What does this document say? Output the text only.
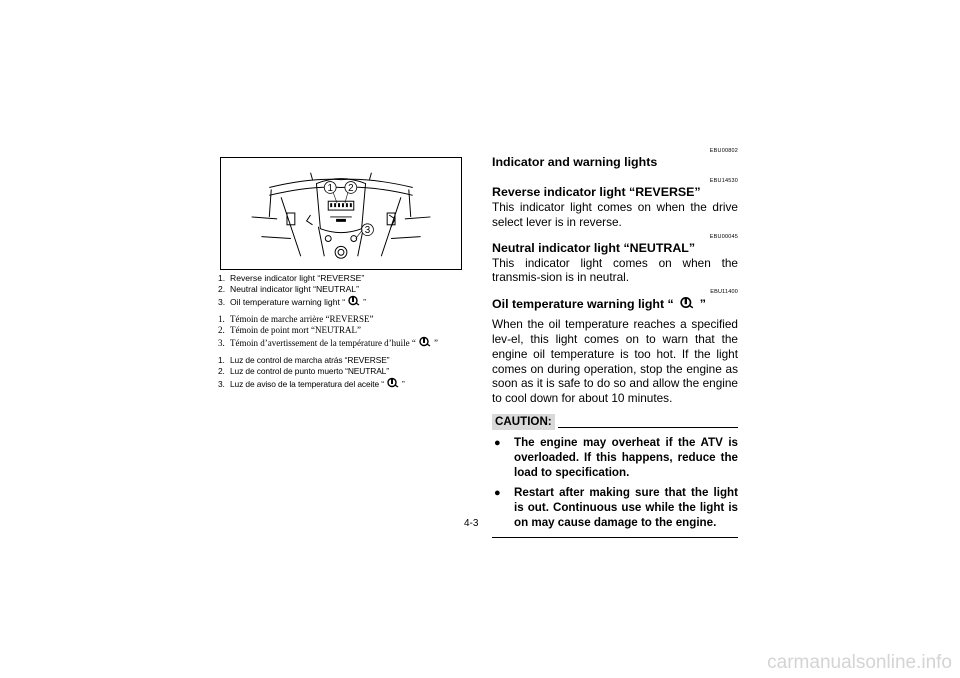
1 2
3
1. Reverse indicator light “REVERSE”
2. Neutral indicator light “NEUTRAL”
3. Oil temperature warning light “ ”
1. Témoin de marche arrière “REVERSE”
2. Témoin de point mort “NEUTRAL”
3. Témoin d’avertissement de la température d’huile “ ”
1. Luz de control de marcha atrás “REVERSE”
2. Luz de control de punto muerto “NEUTRAL”
3. Luz de aviso de la temperatura del aceite “ ”
EBU00802
Indicator and warning lights
EBU14530
Reverse indicator light “REVERSE”

This indicator light comes on when the drive select lever is in reverse.

EBU00045
Neutral indicator light “NEUTRAL”

This indicator light comes on when the transmis-sion is in neutral.

EBU11400
Oil temperature warning light “ ”

When the oil temperature reaches a specified lev-el, this light comes on to warn that the engine oil temperature is too hot. If the light comes on during operation, stop the engine as soon as it is safe to do so and allow the engine to cool down for about 10 minutes.

CAUTION:
●	The engine may overheat if the ATV is overloaded. If this happens, reduce the load to specification.
●	Restart after making sure that the light is out. Continuous use while the light is on may cause damage to the engine.
4-3
carmanualsonline.info
